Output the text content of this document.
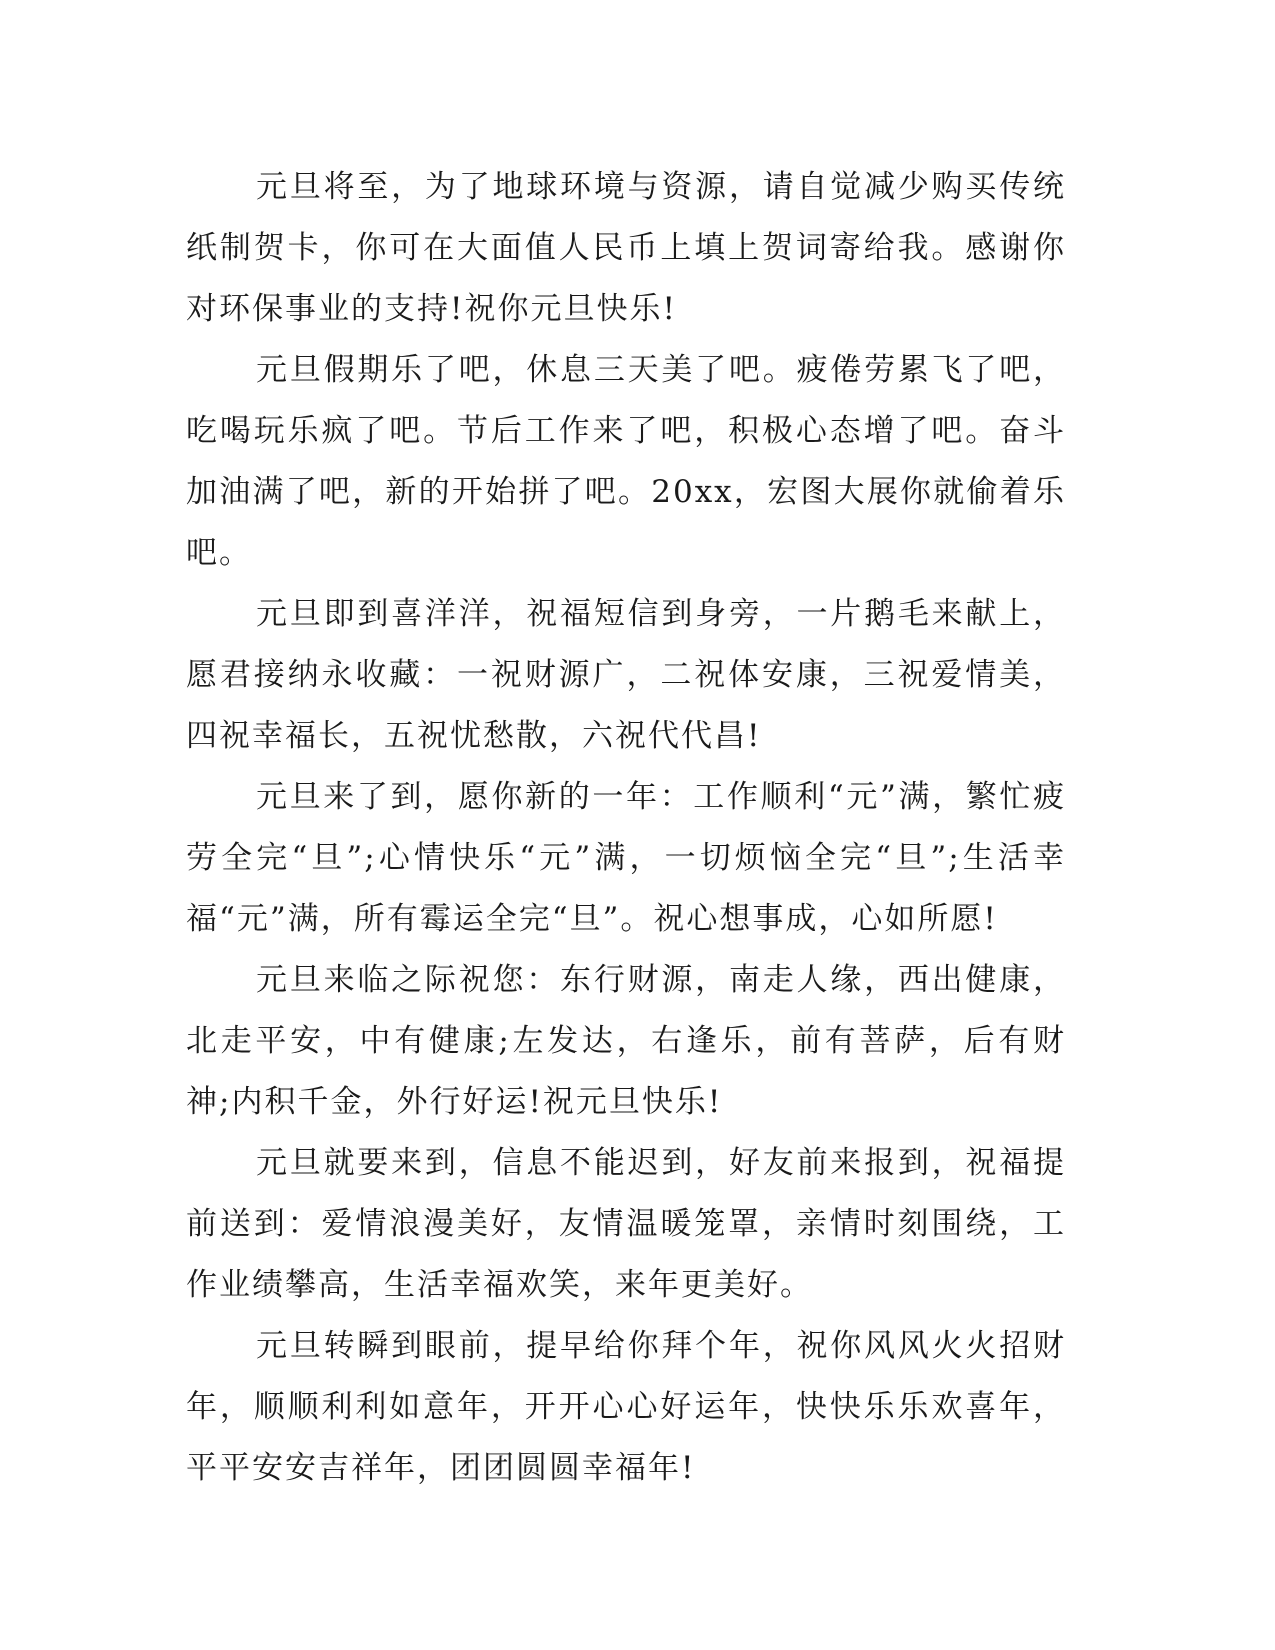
元旦将至，为了地球环境与资源，请自觉减少购买传统纸制贺卡，你可在大面值人民币上填上贺词寄给我。感谢你对环保事业的支持!祝你元旦快乐!

元旦假期乐了吧，休息三天美了吧。疲倦劳累飞了吧，吃喝玩乐疯了吧。节后工作来了吧，积极心态增了吧。奋斗加油满了吧，新的开始拼了吧。20xx，宏图大展你就偷着乐吧。

元旦即到喜洋洋，祝福短信到身旁，一片鹅毛来献上，愿君接纳永收藏：一祝财源广，二祝体安康，三祝爱情美，四祝幸福长，五祝忧愁散，六祝代代昌!

元旦来了到，愿你新的一年：工作顺利“元”满，繁忙疲劳全完“旦”;心情快乐“元”满，一切烦恼全完“旦”;生活幸福“元”满，所有霉运全完“旦”。祝心想事成，心如所愿!

元旦来临之际祝您：东行财源，南走人缘，西出健康，北走平安，中有健康;左发达，右逢乐，前有菩萨，后有财神;内积千金，外行好运!祝元旦快乐!

元旦就要来到，信息不能迟到，好友前来报到，祝福提前送到：爱情浪漫美好，友情温暖笼罩，亲情时刻围绕，工作业绩攀高，生活幸福欢笑，来年更美好。

元旦转瞬到眼前，提早给你拜个年，祝你风风火火招财年，顺顺利利如意年，开开心心好运年，快快乐乐欢喜年，平平安安吉祥年，团团圆圆幸福年!
